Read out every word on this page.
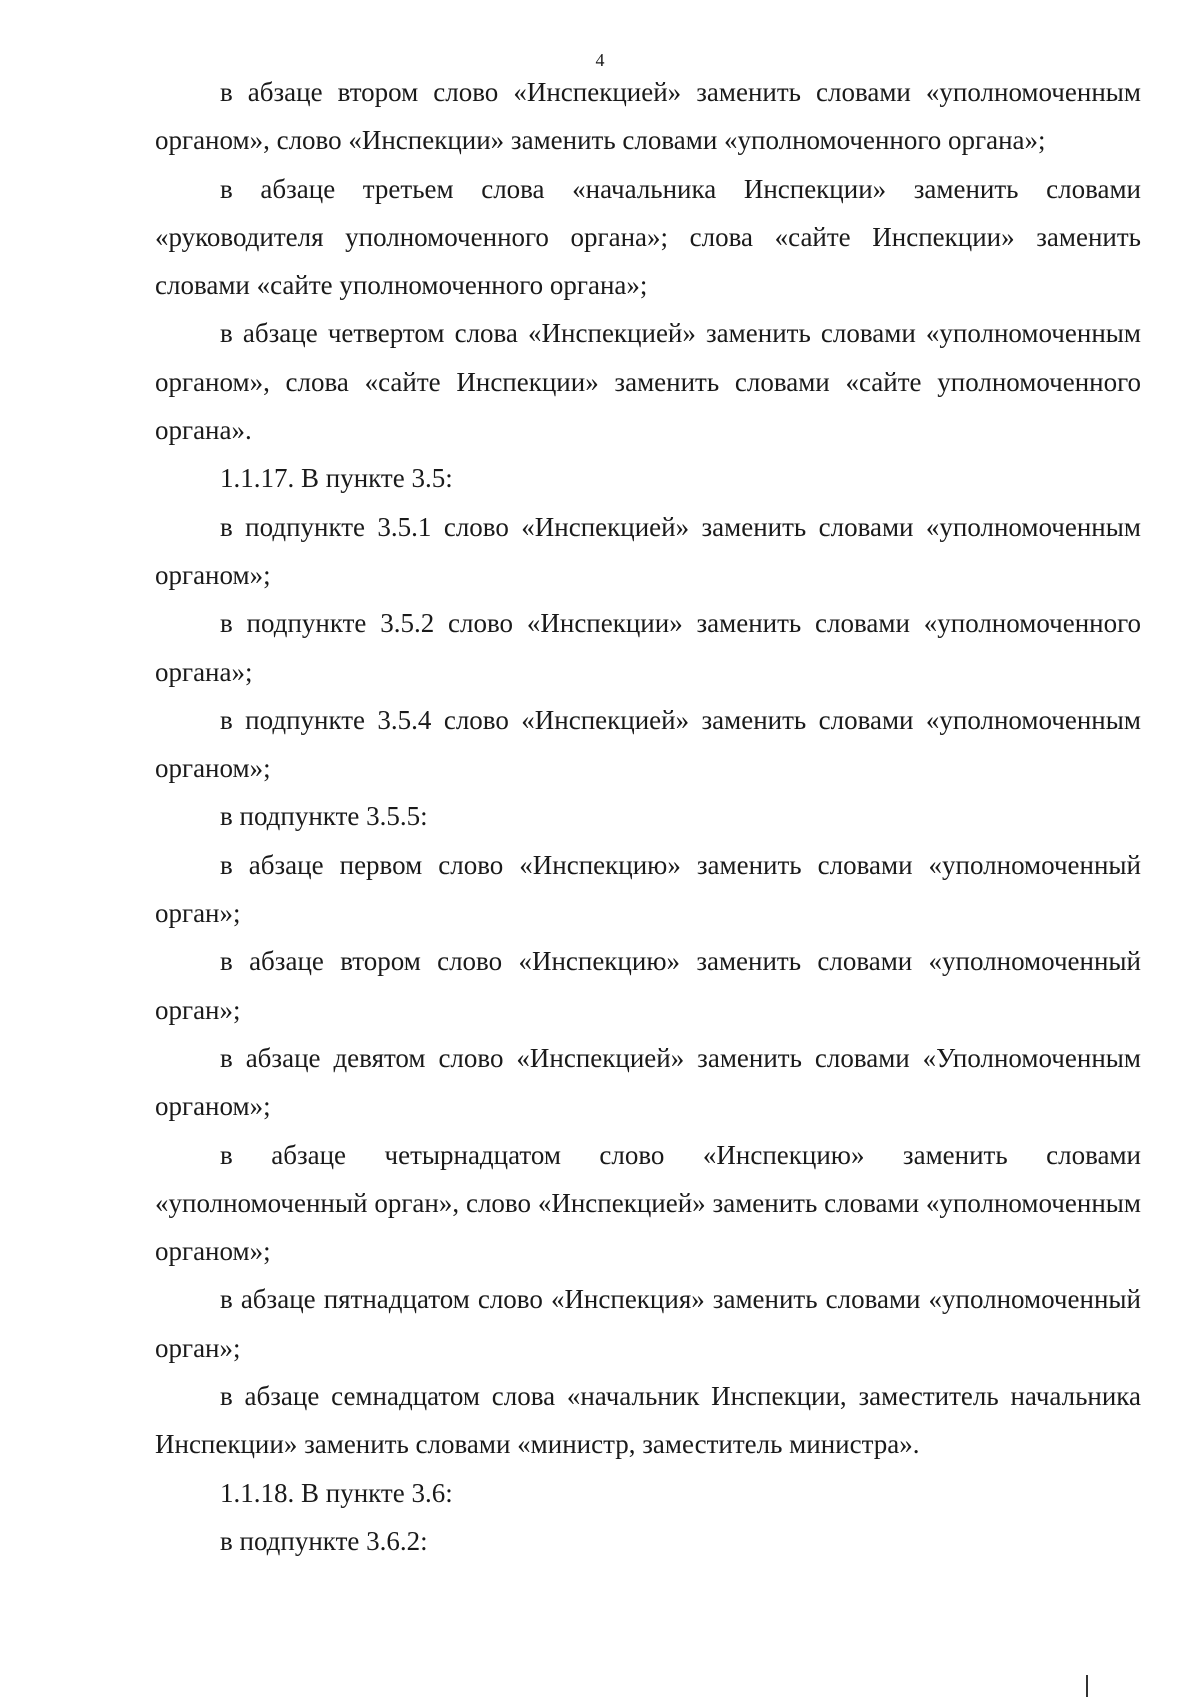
4

в абзаце втором слово «Инспекцией» заменить словами «уполномоченным органом», слово «Инспекции» заменить словами «уполномоченного органа»;

в абзаце третьем слова «начальника Инспекции» заменить словами «руководителя уполномоченного органа»; слова «сайте Инспекции» заменить словами «сайте уполномоченного органа»;

в абзаце четвертом слова «Инспекцией» заменить словами «уполномоченным органом», слова «сайте Инспекции» заменить словами «сайте уполномоченного органа».

1.1.17. В пункте 3.5:

в подпункте 3.5.1 слово «Инспекцией» заменить словами «уполномоченным органом»;

в подпункте 3.5.2 слово «Инспекции» заменить словами «уполномоченного органа»;

в подпункте 3.5.4 слово «Инспекцией» заменить словами «уполномоченным органом»;

в подпункте 3.5.5:

в абзаце первом слово «Инспекцию» заменить словами «уполномоченный орган»;

в абзаце втором слово «Инспекцию» заменить словами «уполномоченный орган»;

в абзаце девятом слово «Инспекцией» заменить словами «Уполномоченным органом»;

в абзаце четырнадцатом слово «Инспекцию» заменить словами «уполномоченный орган», слово «Инспекцией» заменить словами «уполномоченным органом»;

в абзаце пятнадцатом слово «Инспекция» заменить словами «уполномоченный орган»;

в абзаце семнадцатом слова «начальник Инспекции, заместитель начальника Инспекции» заменить словами «министр, заместитель министра».

1.1.18. В пункте 3.6:

в подпункте 3.6.2:
